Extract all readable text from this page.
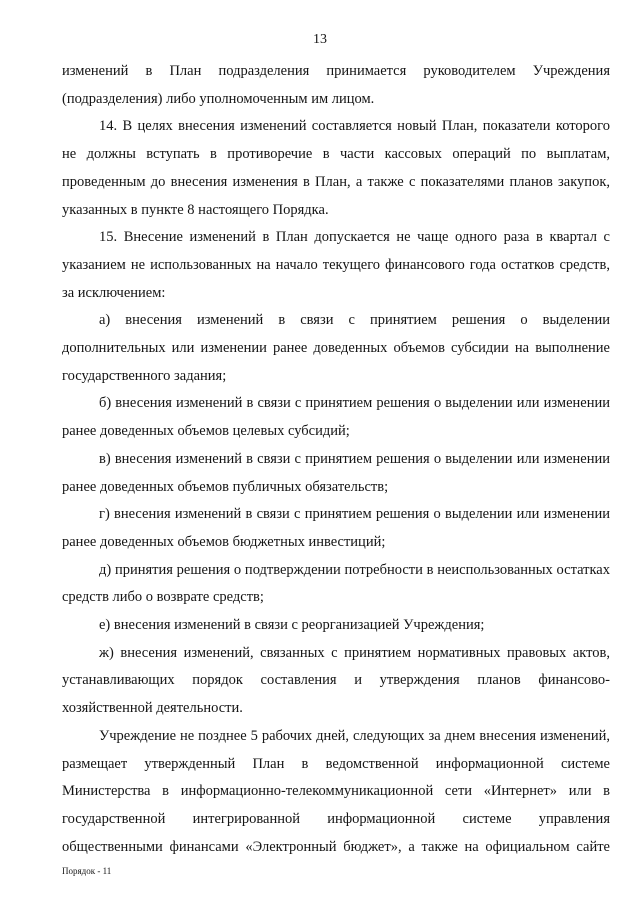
13

изменений в План подразделения принимается руководителем Учреждения (подразделения) либо уполномоченным им лицом.

14. В целях внесения изменений составляется новый План, показатели которого не должны вступать в противоречие в части кассовых операций по выплатам, проведенным до внесения изменения в План, а также с показателями планов закупок, указанных в пункте 8 настоящего Порядка.

15. Внесение изменений в План допускается не чаще одного раза в квартал с указанием не использованных на начало текущего финансового года остатков средств, за исключением:

а) внесения изменений в связи с принятием решения о выделении дополнительных или изменении ранее доведенных объемов субсидии на выполнение государственного задания;

б) внесения изменений в связи с принятием решения о выделении или изменении ранее доведенных объемов целевых субсидий;

в) внесения изменений в связи с принятием решения о выделении или изменении ранее доведенных объемов публичных обязательств;

г) внесения изменений в связи с принятием решения о выделении или изменении ранее доведенных объемов бюджетных инвестиций;

д) принятия решения о подтверждении потребности в неиспользованных остатках средств либо о возврате средств;

е) внесения изменений в связи с реорганизацией Учреждения;

ж) внесения изменений, связанных с принятием нормативных правовых актов, устанавливающих порядок составления и утверждения планов финансово-хозяйственной деятельности.

Учреждение не позднее 5 рабочих дней, следующих за днем внесения изменений, размещает утвержденный План в ведомственной информационной системе Министерства в информационно-телекоммуникационной сети «Интернет» или в государственной интегрированной информационной системе управления общественными финансами «Электронный бюджет», а также на официальном сайте

Порядок - 11
